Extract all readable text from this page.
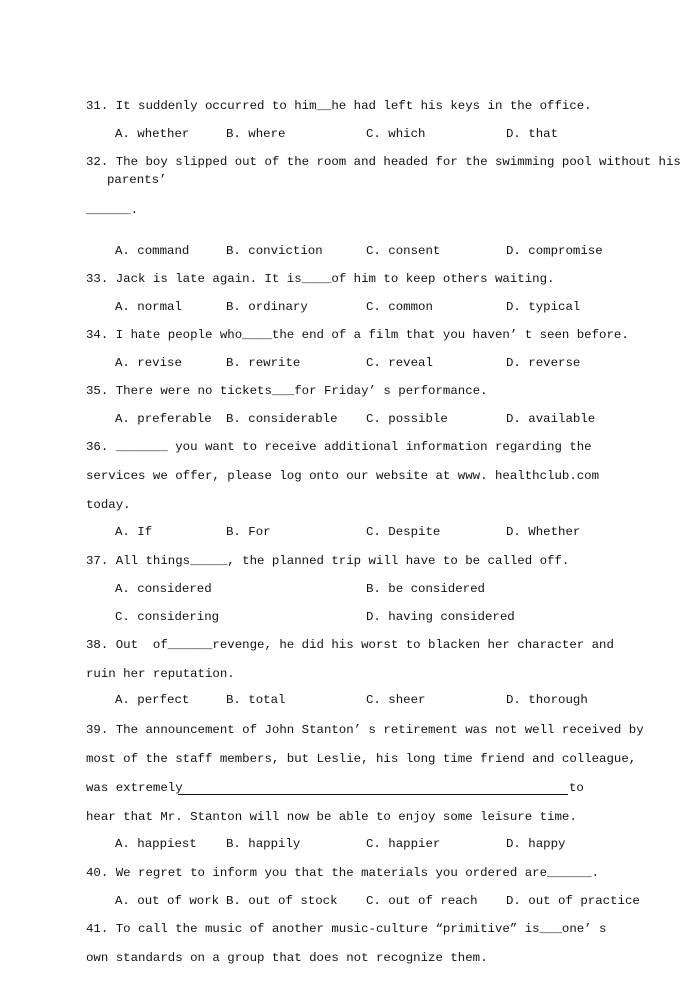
31. It suddenly occurred to him__he had left his keys in the office.
A. whether	B. where	C. which	D. that
32. The boy slipped out of the room and headed for the swimming pool without his
parents’
______.
A. command	B. conviction	C. consent	D. compromise
33. Jack is late again. It is____of him to keep others waiting.
A. normal	B. ordinary	C. common	D. typical
34. I hate people who____the end of a film that you haven’ t seen before.
A. revise	B. rewrite	C. reveal	D. reverse
35. There were no tickets___for Friday’ s performance.
A. preferable B. considerable C. possible	D. available
36. _______ you want to receive additional information regarding the
services we offer, please log onto our website at www. healthclub.com
today.
A. If	B. For	C. Despite	D. Whether
37. All things_____, the planned trip will have to be called off.
A. considered	B. be considered
C. considering	D. having considered
38. Out  of______revenge, he did his worst to blacken her character and
ruin her reputation.
A. perfect	B. total	C. sheer	D. thorough
39. The announcement of John Stanton’ s retirement was not well received by
most of the staff members, but Leslie, his long time friend and colleague,
was extremely	to
hear that Mr. Stanton will now be able to enjoy some leisure time.
A. happiest B. happily	C. happier	D. happy
40. We regret to inform you that the materials you ordered are______.
A. out of work B. out of stock C. out of reach D. out of practice
41. To call the music of another music-culture “primitive” is___one’ s
own standards on a group that does not recognize them.
